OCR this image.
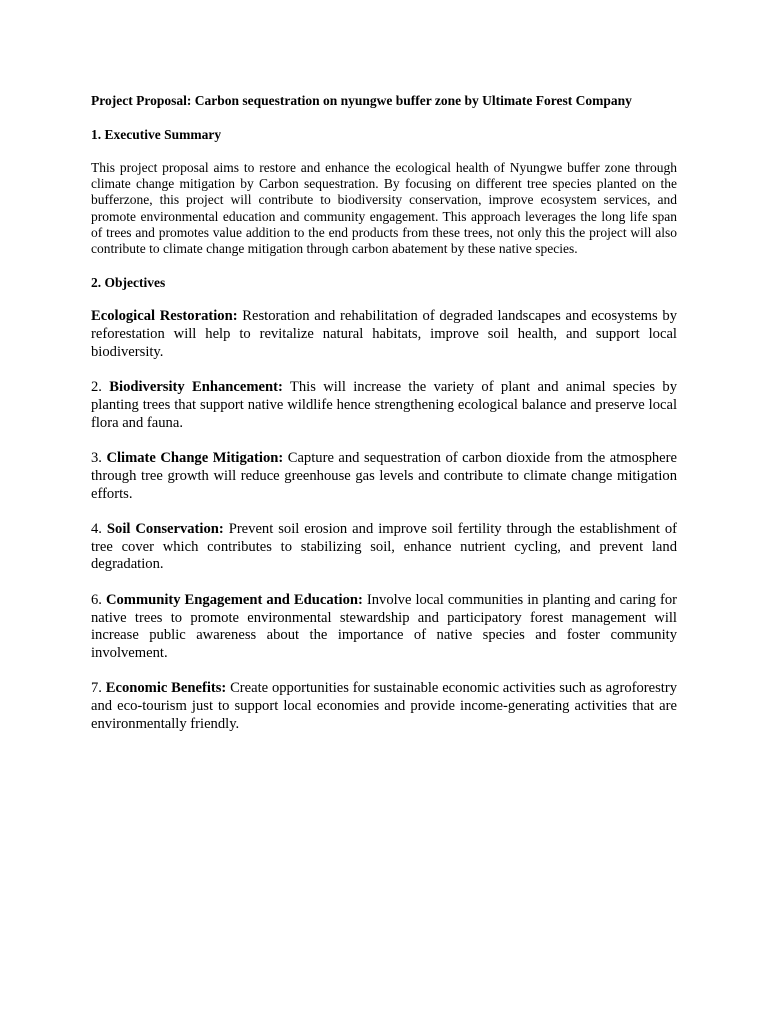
Project Proposal: Carbon sequestration on nyungwe buffer zone by Ultimate Forest Company

1. Executive Summary

This project proposal aims to restore and enhance the ecological health of Nyungwe buffer zone through climate change mitigation by Carbon sequestration. By focusing on different tree species planted on the bufferzone, this project will contribute to biodiversity conservation, improve ecosystem services, and promote environmental education and community engagement. This approach leverages the long life span of trees and promotes value addition to the end products from these trees, not only this the project will also contribute to climate change mitigation through carbon abatement by these native species.

2. Objectives

Ecological Restoration: Restoration and rehabilitation of degraded landscapes and ecosystems by reforestation will help to revitalize natural habitats, improve soil health, and support local biodiversity.

2. Biodiversity Enhancement: This will increase the variety of plant and animal species by planting trees that support native wildlife hence strengthening ecological balance and preserve local flora and fauna.

3. Climate Change Mitigation: Capture and sequestration of carbon dioxide from the atmosphere through tree growth will reduce greenhouse gas levels and contribute to climate change mitigation efforts.

4. Soil Conservation: Prevent soil erosion and improve soil fertility through the establishment of tree cover which contributes to stabilizing soil, enhance nutrient cycling, and prevent land degradation.

6. Community Engagement and Education: Involve local communities in planting and caring for native trees to promote environmental stewardship and participatory forest management will increase public awareness about the importance of native species and foster community involvement.

7. Economic Benefits: Create opportunities for sustainable economic activities such as agroforestry and eco-tourism just to support local economies and provide income-generating activities that are environmentally friendly.
